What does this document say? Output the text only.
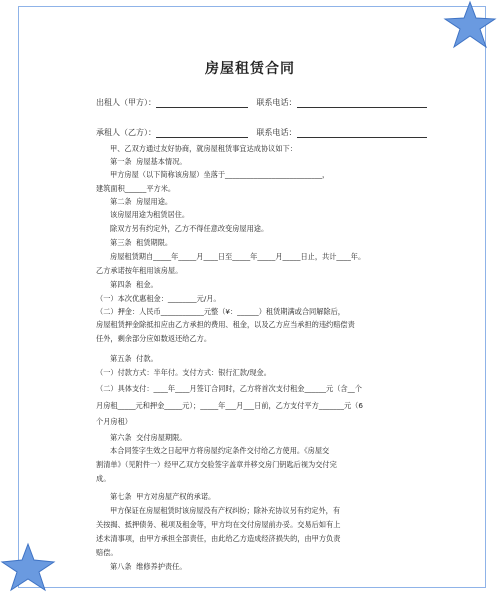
房屋租赁合同
出租人（甲方）：	联系电话：
承租人（乙方）：	联系电话：
甲、乙双方通过友好协商，就房屋租赁事宜达成协议如下：
第一条  房屋基本情况。
甲方房屋（以下简称该房屋）坐落于___________________________，
建筑面积______平方米。
第二条  房屋用途。
该房屋用途为租赁居住。
除双方另有约定外，乙方不得任意改变房屋用途。
第三条  租赁期限。
房屋租赁期自_____年_____月____日至_____年_____月_____日止，共计____年。
乙方承诺按年租用该房屋。
第四条  租金。
（一）本次优惠租金：________元/月。
（二）押金：人民币____________元整（¥：______）租赁期满或合同解除后，
房屋租赁押金除抵扣应由乙方承担的费用、租金，以及乙方应当承担的违约赔偿责
任外，剩余部分应如数返还给乙方。
第五条  付款。
（一）付款方式：半年付。支付方式：银行汇款/现金。
（二）具体支付：____年____月签订合同时，乙方将首次支付租金______元（含__个
月房租_____元和押金_____元）；_____年___月___日前，乙方支付平方_______元（6
个月房租）
第六条  交付房屋期限。
本合同签字生效之日起甲方将房屋约定条件交付给乙方使用。《房屋交
割清单》（见附件一）经甲乙双方交验签字盖章并移交房门钥匙后视为交付完
成。
第七条  甲方对房屋产权的承诺。
甲方保证在房屋租赁时该房屋没有产权纠纷；除补充协议另有约定外，有
关按揭、抵押债务、税项及租金等，甲方均在交付房屋前办妥。交易后如有上
述未清事项，由甲方承担全部责任，由此给乙方造成经济损失的，由甲方负责
赔偿。
第八条  维修养护责任。
